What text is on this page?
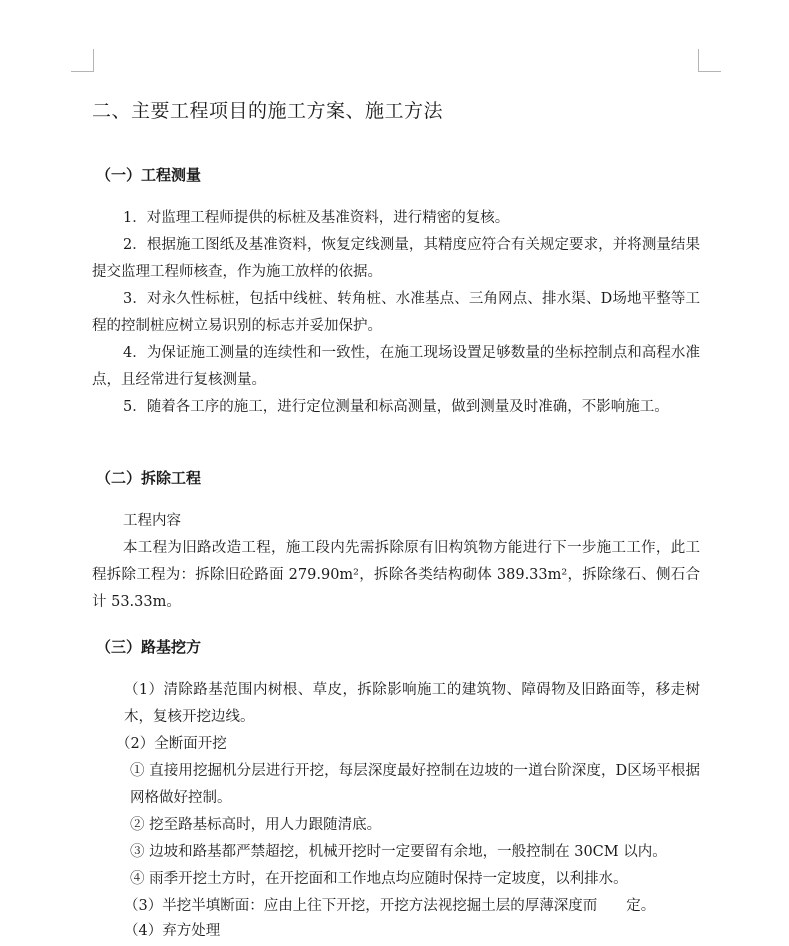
二、主要工程项目的施工方案、施工方法
（一）工程测量
1．对监理工程师提供的标桩及基准资料，进行精密的复核。
2．根据施工图纸及基准资料，恢复定线测量，其精度应符合有关规定要求，并将测量结果提交监理工程师核查，作为施工放样的依据。
3．对永久性标桩，包括中线桩、转角桩、水准基点、三角网点、排水渠、D场地平整等工程的控制桩应树立易识别的标志并妥加保护。
4．为保证施工测量的连续性和一致性，在施工现场设置足够数量的坐标控制点和高程水准点，且经常进行复核测量。
5．随着各工序的施工，进行定位测量和标高测量，做到测量及时准确，不影响施工。
（二）拆除工程
工程内容
本工程为旧路改造工程，施工段内先需拆除原有旧构筑物方能进行下一步施工工作，此工程拆除工程为：拆除旧砼路面 279.90m²，拆除各类结构砌体 389.33m²，拆除缘石、侧石合计 53.33m。
（三）路基挖方
（1）清除路基范围内树根、草皮，拆除影响施工的建筑物、障碍物及旧路面等，移走树木，复核开挖边线。
（2）全断面开挖
① 直接用挖掘机分层进行开挖，每层深度最好控制在边坡的一道台阶深度，D区场平根据网格做好控制。
② 挖至路基标高时，用人力跟随清底。
③ 边坡和路基都严禁超挖，机械开挖时一定要留有余地，一般控制在 30CM 以内。
④ 雨季开挖土方时，在开挖面和工作地点均应随时保持一定坡度，以利排水。
（3）半挖半填断面：应由上往下开挖，开挖方法视挖掘土层的厚薄深度而　　定。
（4）弃方处理
